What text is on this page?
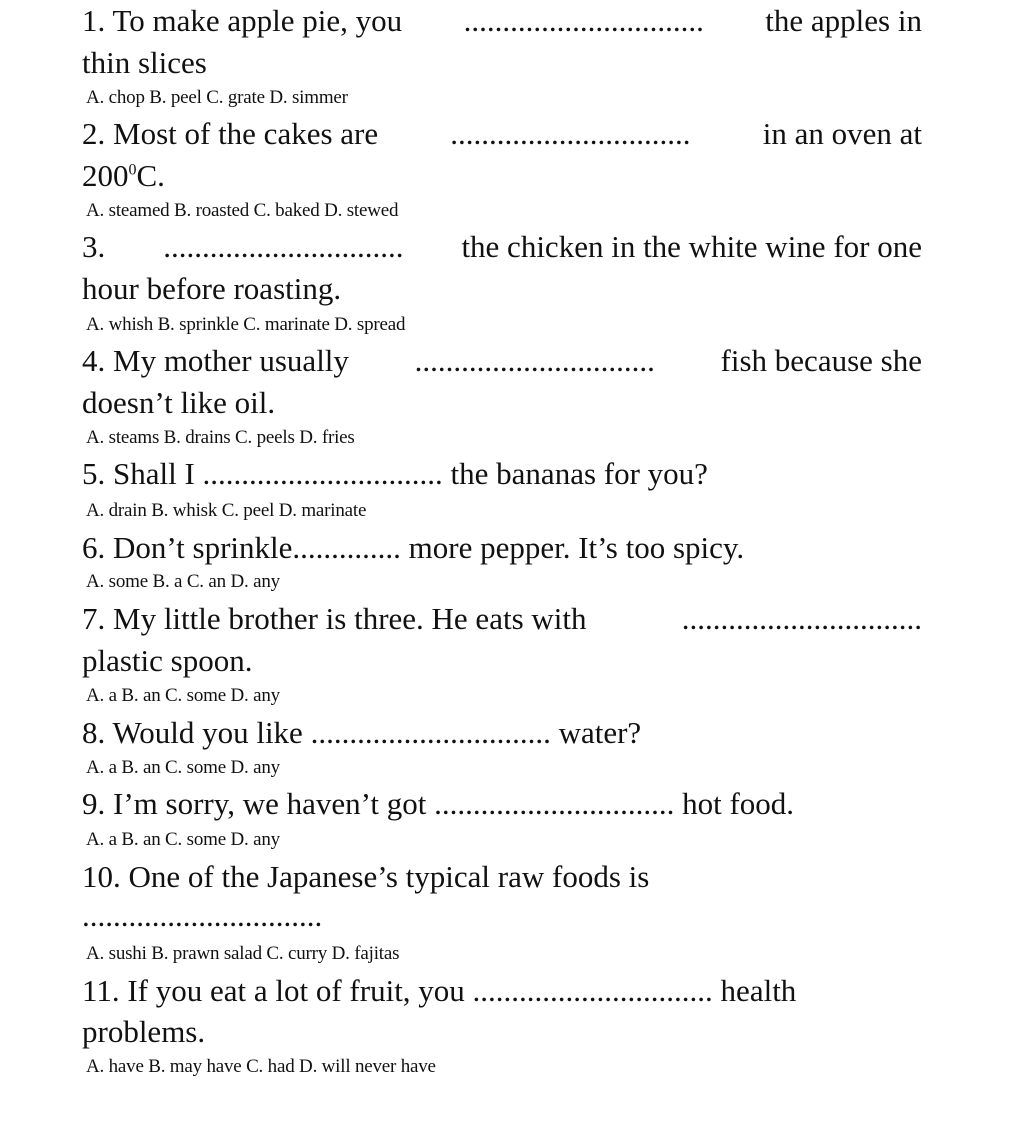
1. To make apple pie, you ............................... the apples in
thin slices
A. chop B. peel C. grate D. simmer
2. Most of the cakes are ............................... in an oven at
$200^0C$.
A. steamed B. roasted C. baked D. stewed
3. ............................... the chicken in the white wine for one
hour before roasting.
A. whish B. sprinkle C. marinate D. spread
4. My mother usually ............................... fish because she
doesn’t like oil.
A. steams B. drains C. peels D. fries
5. Shall I ............................... the bananas for you?
A. drain B. whisk C. peel D. marinate
6. Don’t sprinkle.............. more pepper. It’s too spicy.
A. some B. a C. an D. any
7. My little brother is three. He eats with	...............................
plastic spoon.
A. a B. an C. some D. any
8. Would you like ............................... water?
A. a B. an C. some D. any
9. I’m sorry, we haven’t got ............................... hot food.
A. a B. an C. some D. any
10. One of the Japanese’s typical raw foods is
...............................
A. sushi B. prawn salad C. curry D. fajitas
11. If you eat a lot of fruit, you ............................... health
problems.
A. have B. may have C. had D. will never have
